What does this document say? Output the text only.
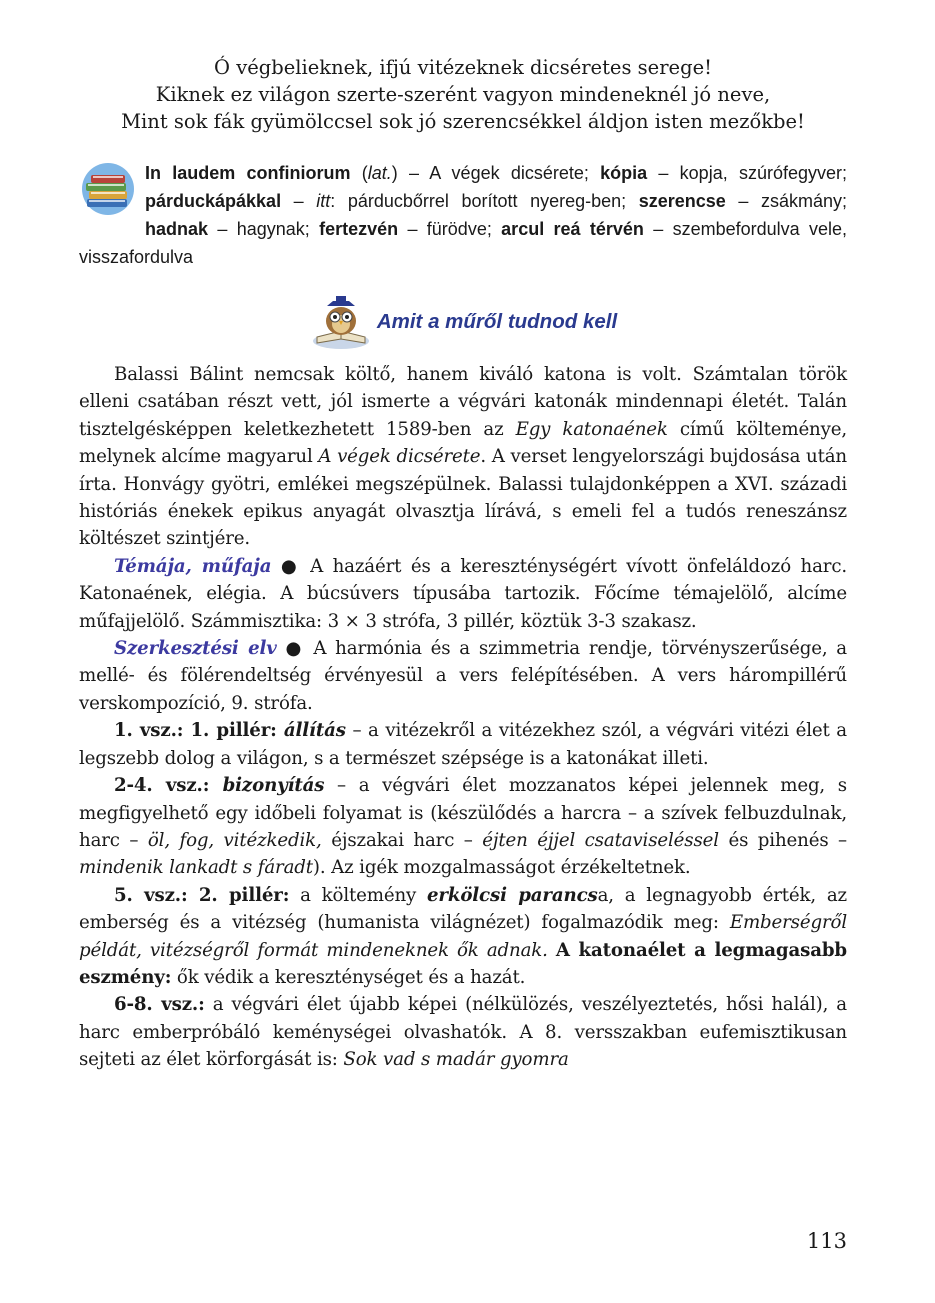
Ó végbelieknek, ifjú vitézeknek dicséretes serege!
Kiknek ez világon szerte-szerént vagyon mindeneknél jó neve,
Mint sok fák gyümölccsel sok jó szerencsékkel áldjon isten mezőkbe!
In laudem confiniorum (lat.) – A végek dicsérete; kópia – kopja, szúrófegyver; párduckápákkal – itt: párducbőrrel borított nyereg-ben; szerencse – zsákmány; hadnak – hagynak; fertezvén – fürödve; arcul reá térvén – szembefordulva vele, visszafordulva
Amit a műről tudnod kell

Balassi Bálint nemcsak költő, hanem kiváló katona is volt. Számtalan török elleni csatában részt vett, jól ismerte a végvári katonák mindennapi életét. Talán tisztelgésképpen keletkezhetett 1589-ben az Egy katonaének című költeménye, melynek alcíme magyarul A végek dicsérete. A verset lengyelországi bujdosása után írta. Honvágy gyötri, emlékei megszépülnek. Balassi tulajdonképpen a XVI. századi históriás énekek epikus anyagát olvasztja lírává, s emeli fel a tudós reneszánsz költészet szintjére.

Témája, műfaja ● A hazáért és a kereszténységért vívott önfeláldozó harc. Katonaének, elégia. A búcsúvers típusába tartozik. Főcíme témajelölő, alcíme műfajjelölő. Számmisztika: 3 × 3 strófa, 3 pillér, köztük 3-3 szakasz.

Szerkesztési elv ● A harmónia és a szimmetria rendje, törvényszerűsége, a mellé- és fölérendeltség érvényesül a vers felépítésében. A vers hárompillérű verskompozíció, 9. strófa.

1. vsz.: 1. pillér: állítás – a vitézekről a vitézekhez szól, a végvári vitézi élet a legszebb dolog a világon, s a természet szépsége is a katonákat illeti.

2-4. vsz.: bizonyítás – a végvári élet mozzanatos képei jelennek meg, s megfigyelhető egy időbeli folyamat is (készülődés a harcra – a szívek felbuzdulnak, harc – öl, fog, vitézkedik, éjszakai harc – éjten éjjel csataviseléssel és pihenés – mindenik lankadt s fáradt). Az igék mozgalmasságot érzékeltetnek.

5. vsz.: 2. pillér: a költemény erkölcsi parancsa, a legnagyobb érték, az emberség és a vitézség (humanista világnézet) fogalmazódik meg: Emberségről példát, vitézségről formát mindeneknek ők adnak. A katonaélet a legmagasabb eszmény: ők védik a kereszténységet és a hazát.

6-8. vsz.: a végvári élet újabb képei (nélkülözés, veszélyeztetés, hősi halál), a harc emberpróbáló keménységei olvashatók. A 8. versszakban eufemisztikusan sejteti az élet körforgását is: Sok vad s madár gyomra

113
